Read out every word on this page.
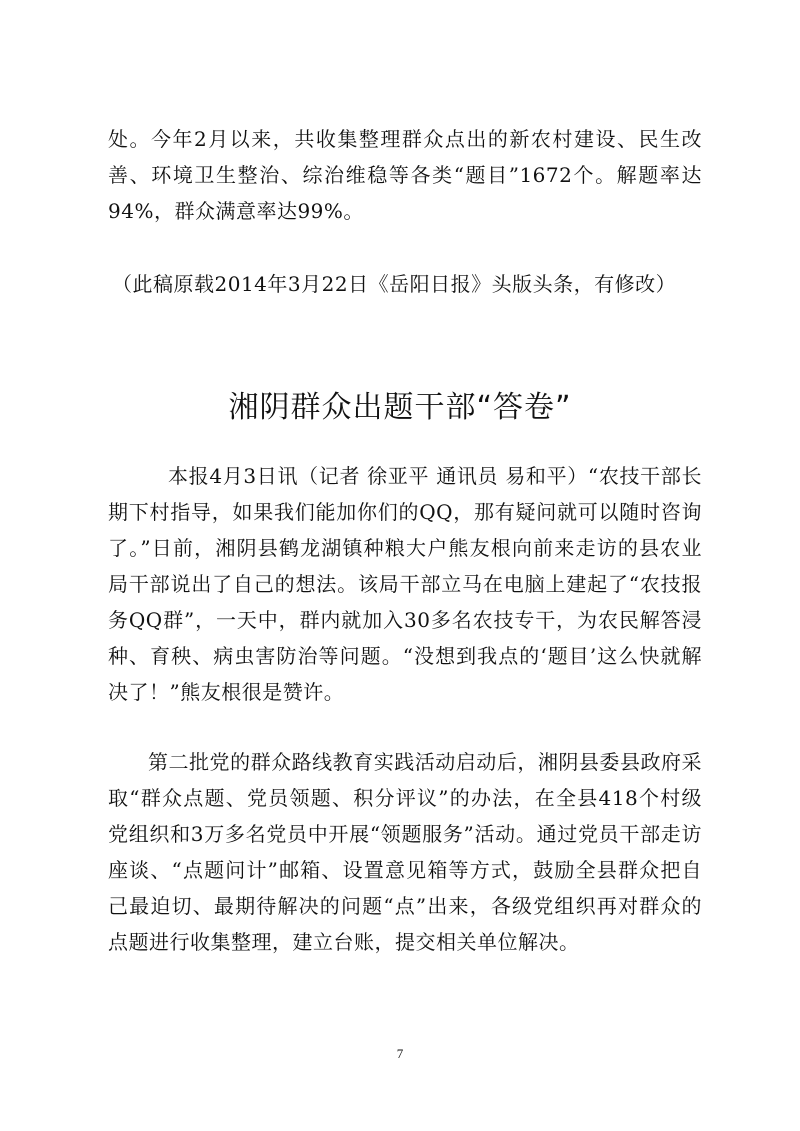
处。今年2月以来，共收集整理群众点出的新农村建设、民生改善、环境卫生整治、综治维稳等各类“题目”1672个。解题率达94%，群众满意率达99%。

（此稿原载2014年3月22日《岳阳日报》头版头条，有修改）

湘阴群众出题干部“答卷”

本报4月3日讯（记者 徐亚平 通讯员 易和平）“农技干部长期下村指导，如果我们能加你们的QQ，那有疑问就可以随时咨询了。”日前，湘阴县鹤龙湖镇种粮大户熊友根向前来走访的县农业局干部说出了自己的想法。该局干部立马在电脑上建起了“农技报务QQ群”，一天中，群内就加入30多名农技专干，为农民解答浸种、育秧、病虫害防治等问题。“没想到我点的‘题目’这么快就解决了！”熊友根很是赞许。

第二批党的群众路线教育实践活动启动后，湘阴县委县政府采取“群众点题、党员领题、积分评议”的办法，在全县418个村级党组织和3万多名党员中开展“领题服务”活动。通过党员干部走访座谈、“点题问计”邮箱、设置意见箱等方式，鼓励全县群众把自己最迫切、最期待解决的问题“点”出来，各级党组织再对群众的点题进行收集整理，建立台账，提交相关单位解决。

7
